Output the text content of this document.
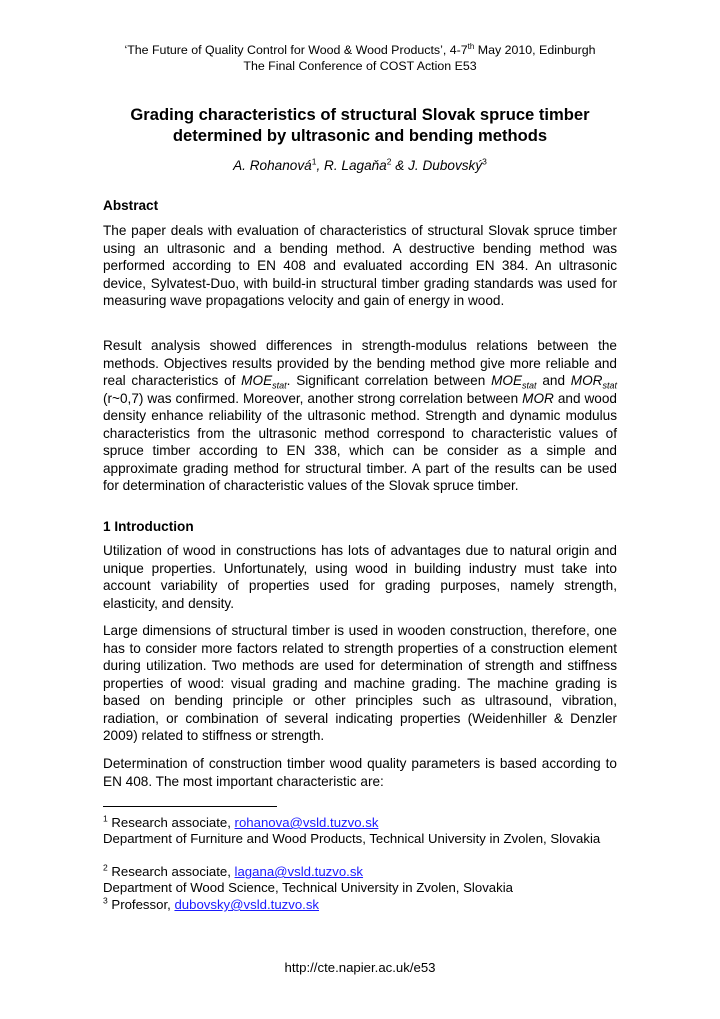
‘The Future of Quality Control for Wood & Wood Products’, 4-7th May 2010, Edinburgh
The Final Conference of COST Action E53
Grading characteristics of structural Slovak spruce timber
determined by ultrasonic and bending methods
A. Rohanová$^1$, R. Lagaňa$^2$ & J. Dubovský$^3$
Abstract

The paper deals with evaluation of characteristics of structural Slovak spruce timber using an ultrasonic and a bending method. A destructive bending method was performed according to EN 408 and evaluated according EN 384. An ultrasonic device, Sylvatest-Duo, with build-in structural timber grading standards was used for measuring wave propagations velocity and gain of energy in wood.

Result analysis showed differences in strength-modulus relations between the methods. Objectives results provided by the bending method give more reliable and real characteristics of $MOE_{stat}$. Significant correlation between $MOE_{stat}$ and $MOR_{stat}$ (r~0,7) was confirmed. Moreover, another strong correlation between MOR and wood density enhance reliability of the ultrasonic method. Strength and dynamic modulus characteristics from the ultrasonic method correspond to characteristic values of spruce timber according to EN 338, which can be consider as a simple and approximate grading method for structural timber. A part of the results can be used for determination of characteristic values of the Slovak spruce timber.

1 Introduction

Utilization of wood in constructions has lots of advantages due to natural origin and unique properties. Unfortunately, using wood in building industry must take into account variability of properties used for grading purposes, namely strength, elasticity, and density.

Large dimensions of structural timber is used in wooden construction, therefore, one has to consider more factors related to strength properties of a construction element during utilization. Two methods are used for determination of strength and stiffness properties of wood: visual grading and machine grading. The machine grading is based on bending principle or other principles such as ultrasound, vibration, radiation, or combination of several indicating properties (Weidenhiller & Denzler 2009) related to stiffness or strength.

Determination of construction timber wood quality parameters is based according to EN 408. The most important characteristic are:

$^1$ Research associate, rohanova@vsld.tuzvo.sk
Department of Furniture and Wood Products, Technical University in Zvolen, Slovakia
$^2$ Research associate, lagana@vsld.tuzvo.sk
Department of Wood Science, Technical University in Zvolen, Slovakia
$^3$ Professor, dubovsky@vsld.tuzvo.sk
http://cte.napier.ac.uk/e53
